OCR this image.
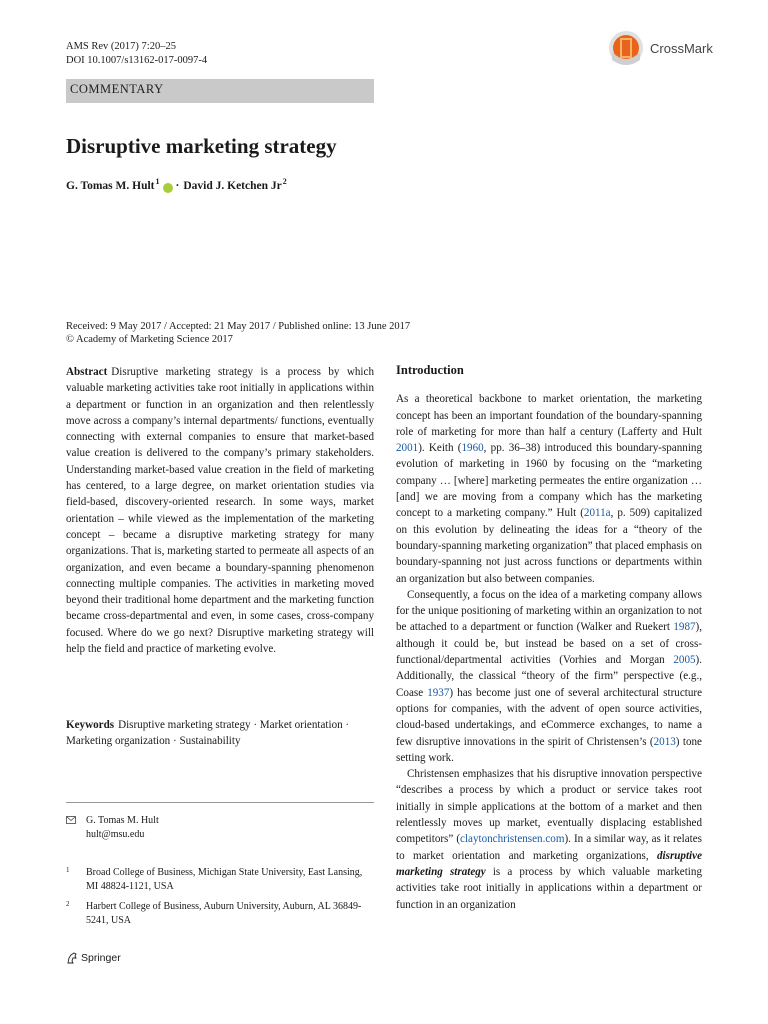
AMS Rev (2017) 7:20–25
DOI 10.1007/s13162-017-0097-4
CrossMark
COMMENTARY
Disruptive marketing strategy
G. Tomas M. Hult$^1$ · David J. Ketchen Jr$^2$
Received: 9 May 2017 / Accepted: 21 May 2017 / Published online: 13 June 2017
© Academy of Marketing Science 2017

Abstract Disruptive marketing strategy is a process by which valuable marketing activities take root initially in applications within a department or function in an organization and then relentlessly move across a company’s internal departments/ functions, eventually connecting with external companies to ensure that market-based value creation is delivered to the company’s primary stakeholders. Understanding market-based value creation in the field of marketing has centered, to a large degree, on market orientation studies via field-based, discovery-oriented research. In some ways, market orientation – while viewed as the implementation of the marketing concept – became a disruptive marketing strategy for many organizations. That is, marketing started to permeate all aspects of an organization, and even became a boundary-spanning phenomenon connecting multiple companies. The activities in marketing moved beyond their traditional home department and the marketing function became cross-departmental and even, in some cases, cross-company focused. Where do we go next? Disruptive marketing strategy will help the field and practice of marketing evolve.

Keywords Disruptive marketing strategy · Market orientation · Marketing organization · Sustainability
G. Tomas M. Hult
hult@msu.edu
1 Broad College of Business, Michigan State University, East Lansing, MI 48824-1121, USA
2 Harbert College of Business, Auburn University, Auburn, AL 36849-5241, USA
Springer
Introduction

As a theoretical backbone to market orientation, the marketing concept has been an important foundation of the boundary-spanning role of marketing for more than half a century (Lafferty and Hult 2001). Keith (1960, pp. 36–38) introduced this boundary-spanning evolution of marketing in 1960 by focusing on the “marketing company … [where] marketing permeates the entire organization … [and] we are moving from a company which has the marketing concept to a marketing company.” Hult (2011a, p. 509) capitalized on this evolution by delineating the ideas for a “theory of the boundary-spanning marketing organization” that placed emphasis on boundary-spanning not just across functions or departments within an organization but also between companies.

Consequently, a focus on the idea of a marketing company allows for the unique positioning of marketing within an organization to not be attached to a department or function (Walker and Ruekert 1987), although it could be, but instead be based on a set of cross-functional/departmental activities (Vorhies and Morgan 2005). Additionally, the classical “theory of the firm” perspective (e.g., Coase 1937) has become just one of several architectural structure options for companies, with the advent of open source activities, cloud-based undertakings, and eCommerce exchanges, to name a few disruptive innovations in the spirit of Christensen’s (2013) tone setting work.

Christensen emphasizes that his disruptive innovation perspective “describes a process by which a product or service takes root initially in simple applications at the bottom of a market and then relentlessly moves up market, eventually displacing established competitors” (claytonchristensen.com). In a similar way, as it relates to market orientation and marketing organizations, disruptive marketing strategy is a process by which valuable marketing activities take root initially in applications within a department or function in an organization
